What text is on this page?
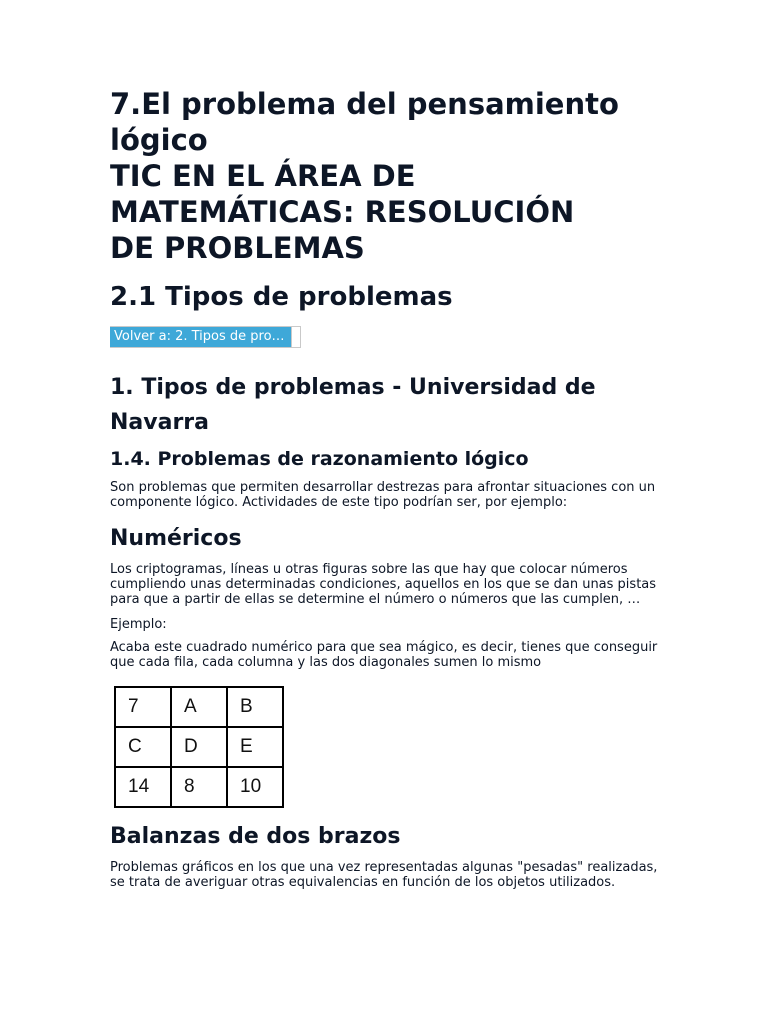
7.El problema del pensamiento
lógico
TIC EN EL ÁREA DE
MATEMÁTICAS: RESOLUCIÓN
DE PROBLEMAS
2.1 Tipos de problemas
Volver a: 2. Tipos de pro…
1. Tipos de problemas - Universidad de
Navarra
1.4. Problemas de razonamiento lógico

Son problemas que permiten desarrollar destrezas para afrontar situaciones con un componente lógico. Actividades de este tipo podrían ser, por ejemplo:

Numéricos

Los criptogramas, líneas u otras figuras sobre las que hay que colocar números cumpliendo unas determinadas condiciones, aquellos en los que se dan unas pistas para que a partir de ellas se determine el número o números que las cumplen, …

Ejemplo:

Acaba este cuadrado numérico para que sea mágico, es decir, tienes que conseguir que cada fila, cada columna y las dos diagonales sumen lo mismo

7	A	B
C	D	E
14	8	10
Balanzas de dos brazos

Problemas gráficos en los que una vez representadas algunas "pesadas" realizadas, se trata de averiguar otras equivalencias en función de los objetos utilizados.
